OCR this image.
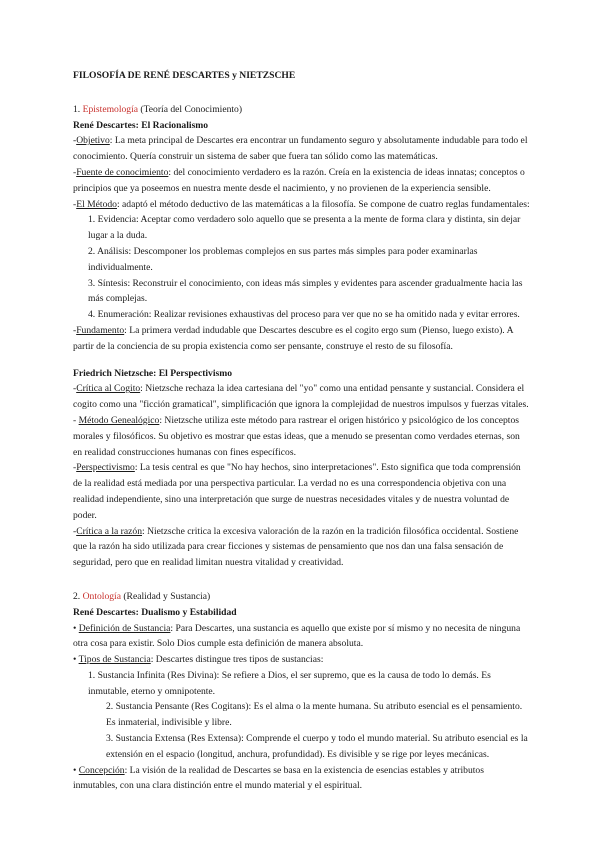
FILOSOFÍA DE RENÉ DESCARTES y NIETZSCHE

1. Epistemología (Teoría del Conocimiento)

René Descartes: El Racionalismo

-Objetivo: La meta principal de Descartes era encontrar un fundamento seguro y absolutamente indudable para todo el conocimiento. Quería construir un sistema de saber que fuera tan sólido como las matemáticas.

-Fuente de conocimiento: del conocimiento verdadero es la razón. Creía en la existencia de ideas innatas; conceptos o principios que ya poseemos en nuestra mente desde el nacimiento, y no provienen de la experiencia sensible.

-El Método: adaptó el método deductivo de las matemáticas a la filosofía. Se compone de cuatro reglas fundamentales:

1. Evidencia: Aceptar como verdadero solo aquello que se presenta a la mente de forma clara y distinta, sin dejar lugar a la duda.

2. Análisis: Descomponer los problemas complejos en sus partes más simples para poder examinarlas individualmente.

3. Síntesis: Reconstruir el conocimiento, con ideas más simples y evidentes para ascender gradualmente hacia las más complejas.

4. Enumeración: Realizar revisiones exhaustivas del proceso para ver que no se ha omitido nada y evitar errores.

-Fundamento: La primera verdad indudable que Descartes descubre es el cogito ergo sum (Pienso, luego existo). A partir de la conciencia de su propia existencia como ser pensante, construye el resto de su filosofía.

Friedrich Nietzsche: El Perspectivismo

-Crítica al Cogito: Nietzsche rechaza la idea cartesiana del "yo" como una entidad pensante y sustancial. Considera el cogito como una "ficción gramatical", simplificación que ignora la complejidad de nuestros impulsos y fuerzas vitales.

- Método Genealógico: Nietzsche utiliza este método para rastrear el origen histórico y psicológico de los conceptos morales y filosóficos. Su objetivo es mostrar que estas ideas, que a menudo se presentan como verdades eternas, son en realidad construcciones humanas con fines específicos.

-Perspectivismo: La tesis central es que "No hay hechos, sino interpretaciones". Esto significa que toda comprensión de la realidad está mediada por una perspectiva particular. La verdad no es una correspondencia objetiva con una realidad independiente, sino una interpretación que surge de nuestras necesidades vitales y de nuestra voluntad de poder.

-Crítica a la razón: Nietzsche critica la excesiva valoración de la razón en la tradición filosófica occidental. Sostiene que la razón ha sido utilizada para crear ficciones y sistemas de pensamiento que nos dan una falsa sensación de seguridad, pero que en realidad limitan nuestra vitalidad y creatividad.

2. Ontología (Realidad y Sustancia)

René Descartes: Dualismo y Estabilidad

• Definición de Sustancia: Para Descartes, una sustancia es aquello que existe por sí mismo y no necesita de ninguna otra cosa para existir. Solo Dios cumple esta definición de manera absoluta.

• Tipos de Sustancia: Descartes distingue tres tipos de sustancias:

1. Sustancia Infinita (Res Divina): Se refiere a Dios, el ser supremo, que es la causa de todo lo demás. Es inmutable, eterno y omnipotente.

2. Sustancia Pensante (Res Cogitans): Es el alma o la mente humana. Su atributo esencial es el pensamiento. Es inmaterial, indivisible y libre.

3. Sustancia Extensa (Res Extensa): Comprende el cuerpo y todo el mundo material. Su atributo esencial es la extensión en el espacio (longitud, anchura, profundidad). Es divisible y se rige por leyes mecánicas.

• Concepción: La visión de la realidad de Descartes se basa en la existencia de esencias estables y atributos inmutables, con una clara distinción entre el mundo material y el espiritual.
